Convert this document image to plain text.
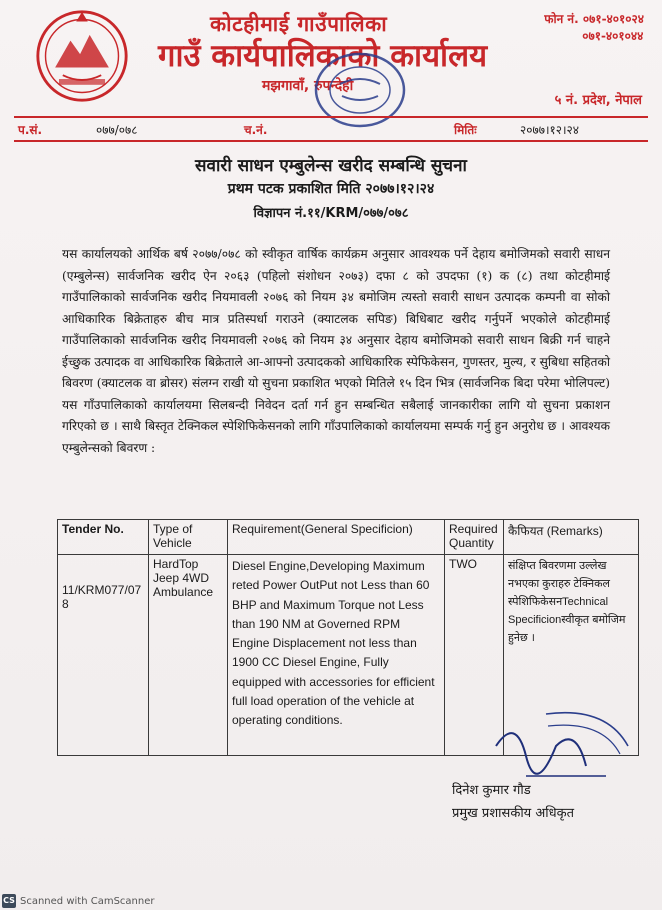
कोटहीमाई गाउँपालिका
गाउँ कार्यपालिकाको कार्यालय
मझगावाँ, रुपन्देही
फोन नं. ०७१-४०१०२४
०७१-४०१०४४
५ नं. प्रदेश, नेपाल
प.सं.	०७७/०७८	च.नं.	मितिः	२०७७।१२।२४
सवारी साधन एम्बुलेन्स खरीद सम्बन्धि सुचना
प्रथम पटक प्रकाशित मिति २०७७।१२।२४
विज्ञापन नं.११/KRM/०७७/०७८
यस कार्यालयको आर्थिक बर्ष २०७७/०७८ को स्वीकृत वार्षिक कार्यक्रम अनुसार आवश्यक पर्ने देहाय बमोजिमको सवारी साधन (एम्बुलेन्स) सार्वजनिक खरीद ऐन २०६३ (पहिलो संशोधन २०७३) दफा ८ को उपदफा (१) क (८) तथा कोटहीमाई गाउँपालिकाको सार्वजनिक खरीद नियमावली २०७६ को नियम ३४ बमोजिम त्यस्तो सवारी साधन उत्पादक कम्पनी वा सोको आधिकारिक बिक्रेताहरु बीच मात्र प्रतिस्पर्धा गराउने (क्याटलक सपिङ) बिधिबाट खरीद गर्नुपर्ने भएकोले कोटहीमाई गाउँपालिकाको सार्वजनिक खरीद नियमावली २०७६ को नियम ३४ अनुसार देहाय बमोजिमको सवारी साधन बिक्री गर्न चाहने ईच्छुक उत्पादक वा आधिकारिक बिक्रेताले आ-आफ्नो उत्पादकको आधिकारिक स्पेफिकेसन, गुणस्तर, मुल्य, र सुबिधा सहितको बिवरण (क्याटलक वा ब्रोसर) संलग्न राखी यो सुचना प्रकाशित भएको मितिले १५ दिन भित्र (सार्वजनिक बिदा परेमा भोलिपल्ट) यस गाँउपालिकाको कार्यालयमा सिलबन्दी निवेदन दर्ता गर्न हुन सम्बन्धित सबैलाई जानकारीका लागि यो सुचना प्रकाशन गरिएको छ । साथै बिस्तृत टेक्निकल स्पेशिफिकेसनको लागि गाँउपालिकाको कार्यालयमा सम्पर्क गर्नु हुन अनुरोध छ । आवश्यक एम्बुलेन्सको बिवरण :
Tender No.	Type of Vehicle	Requirement(General Specificion)	Required Quantity	कैफियत (Remarks)
11/KRM077/078	HardTop Jeep 4WD Ambulance	Diesel Engine,Developing Maximum reted Power OutPut not Less than 60 BHP and Maximum Torque not Less than 190 NM at Governed RPM Engine Displacement not less than 1900 CC Diesel Engine, Fully equipped with accessories for efficient full load operation of the vehicle at operating conditions.	TWO	संक्षिप्त बिवरणमा उल्लेख नभएका कुराहरु टेक्निकल स्पेशिफिकेसनTechnical Specificionस्वीकृत बमोजिम हुनेछ ।
दिनेश कुमार गौड
प्रमुख प्रशासकीय अधिकृत
CS Scanned with CamScanner
